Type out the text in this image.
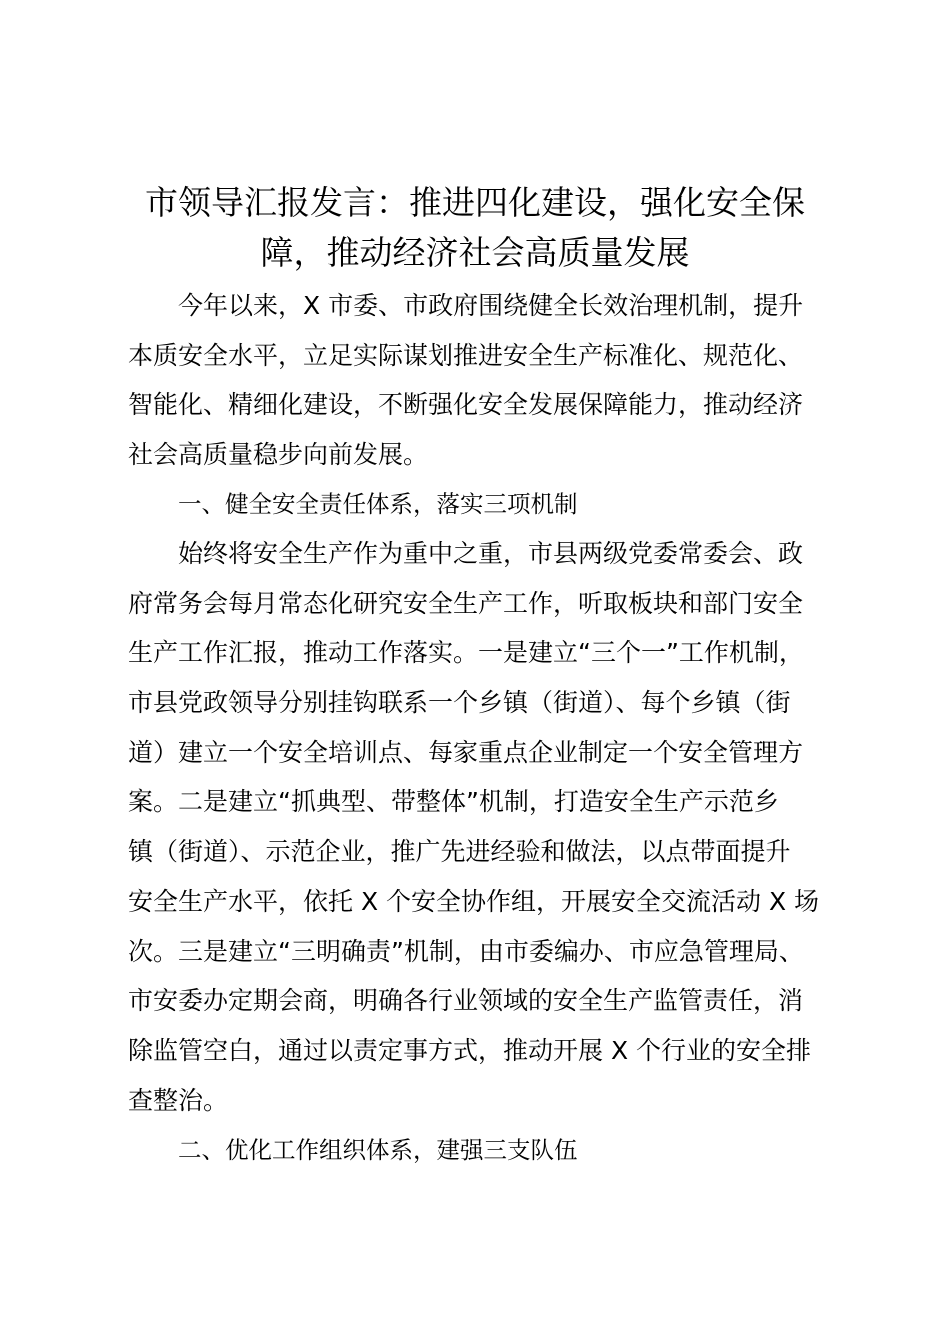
市领导汇报发言：推进四化建设，强化安全保
障，推动经济社会高质量发展
今年以来，X 市委、市政府围绕健全长效治理机制，提升
本质安全水平，立足实际谋划推进安全生产标准化、规范化、
智能化、精细化建设，不断强化安全发展保障能力，推动经济
社会高质量稳步向前发展。
一、健全安全责任体系，落实三项机制
始终将安全生产作为重中之重，市县两级党委常委会、政
府常务会每月常态化研究安全生产工作，听取板块和部门安全
生产工作汇报，推动工作落实。一是建立“三个一”工作机制，
市县党政领导分别挂钩联系一个乡镇（街道）、每个乡镇（街
道）建立一个安全培训点、每家重点企业制定一个安全管理方
案。二是建立“抓典型、带整体”机制，打造安全生产示范乡
镇（街道）、示范企业，推广先进经验和做法，以点带面提升
安全生产水平，依托 X 个安全协作组，开展安全交流活动 X 场
次。三是建立“三明确责”机制，由市委编办、市应急管理局、
市安委办定期会商，明确各行业领域的安全生产监管责任，消
除监管空白，通过以责定事方式，推动开展 X 个行业的安全排
查整治。
二、优化工作组织体系，建强三支队伍
